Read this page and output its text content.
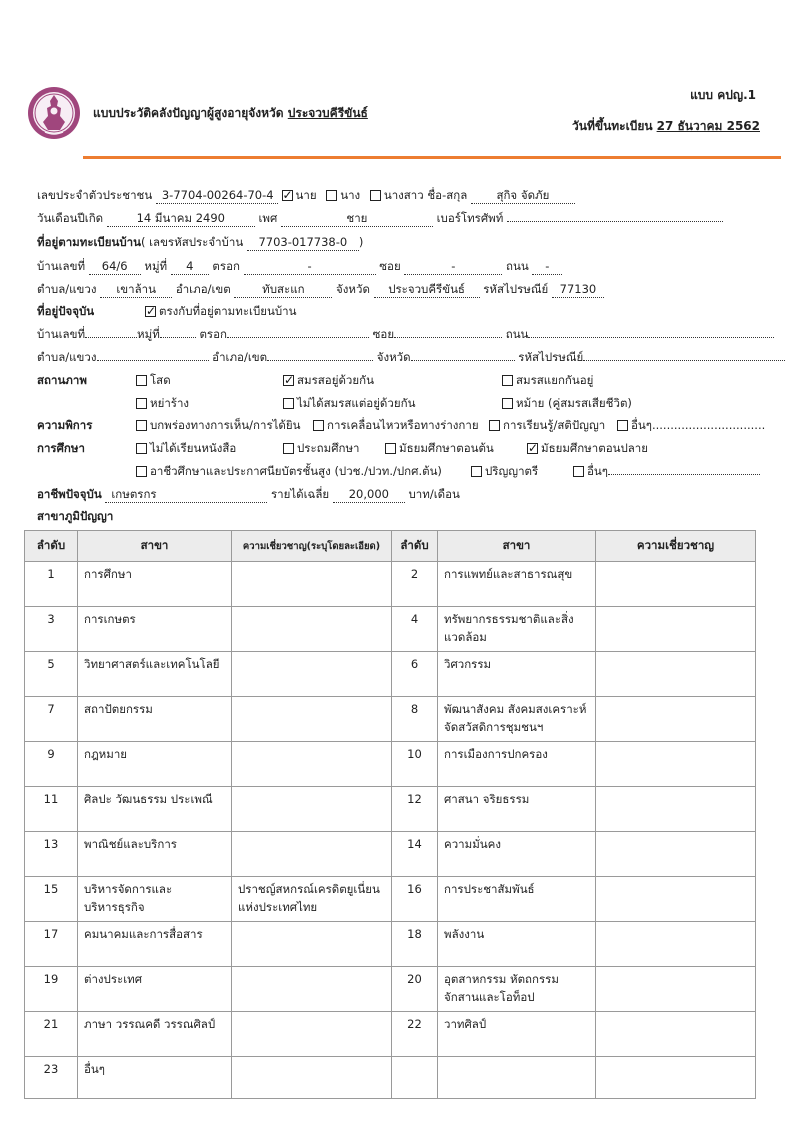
แบบประวัติคลังปัญญาผู้สูงอายุจังหวัด ประจวบคีรีขันธ์
แบบ คปญ.1
วันที่ขึ้นทะเบียน 27 ธันวาคม 2562
เลขประจำตัวประชาชน 3-7704-00264-70-4 ✓ นาย นาง นางสาว ชื่อ-สกุล	สุกิจ จัดภัย
วันเดือนปีเกิด	14 มีนาคม 2490	เพศ	ชาย	เบอร์โทรศัพท์
ที่อยู่ตามทะเบียนบ้าน( เลขรหัสประจำบ้าน 7703-017738-0 )
บ้านเลขที่ 64/6 หมู่ที่ 4 ตรอก	-	ซอย	-	ถนน -
ตำบล/แขวง เขาล้าน อำเภอ/เขต	ทับสะแก	จังหวัด ประจวบคีรีขันธ์ รหัสไปรษณีย์ 77130
ที่อยู่ปัจจุบัน ✓	ตรงกับที่อยู่ตามทะเบียนบ้าน
บ้านเลขที่	หมู่ที่	ตรอก	ซอย	ถนน
ตำบล/แขวง	อำเภอ/เขต	จังหวัด	รหัสไปรษณีย์
สถานภาพ	โสด ✓	สมรสอยู่ด้วยกัน	สมรสแยกกันอยู่
หย่าร้าง	ไม่ได้สมรสแต่อยู่ด้วยกัน	หม้าย (คู่สมรสเสียชีวิต)
ความพิการ	บกพร่องทางการเห็น/การได้ยิน	การเคลื่อนไหวหรือทางร่างกาย	การเรียนรู้/สติปัญญา	อื่นๆ...............................
การศึกษา	ไม่ได้เรียนหนังสือ	ประถมศึกษา	มัธยมศึกษาตอนต้น ✓	มัธยมศึกษาตอนปลาย
อาชีวศึกษาและประกาศนียบัตรชั้นสูง (ปวช./ปวท./ปกศ.ต้น)	ปริญญาตรี	อื่นๆ
อาชีพปัจจุบัน เกษตรกร	รายได้เฉลี่ย 20,000 บาท/เดือน
สาขาภูมิปัญญา
ลำดับ	สาขา	ความเชี่ยวชาญ(ระบุโดยละเอียด)	ลำดับ	สาขา	ความเชี่ยวชาญ
1	การศึกษา		2	การแพทย์และสาธารณสุข	
3	การเกษตร		4	ทรัพยากรธรรมชาติและสิ่งแวดล้อม	
5	วิทยาศาสตร์และเทคโนโลยี		6	วิศวกรรม	
7	สถาปัตยกรรม		8	พัฒนาสังคม สังคมสงเคราะห์ จัดสวัสดิการชุมชนฯ	
9	กฎหมาย		10	การเมืองการปกครอง	
11	ศิลปะ วัฒนธรรม ประเพณี		12	ศาสนา จริยธรรม	
13	พาณิชย์และบริการ		14	ความมั่นคง	
15	บริหารจัดการและบริหารธุรกิจ	ปราชญ์สหกรณ์เครดิตยูเนี่ยนแห่งประเทศไทย	16	การประชาสัมพันธ์	
17	คมนาคมและการสื่อสาร		18	พลังงาน	
19	ต่างประเทศ		20	อุตสาหกรรม หัตถกรรม จักสานและโอท็อป	
21	ภาษา วรรณคดี วรรณศิลป์		22	วาทศิลป์	
23	อื่นๆ				
